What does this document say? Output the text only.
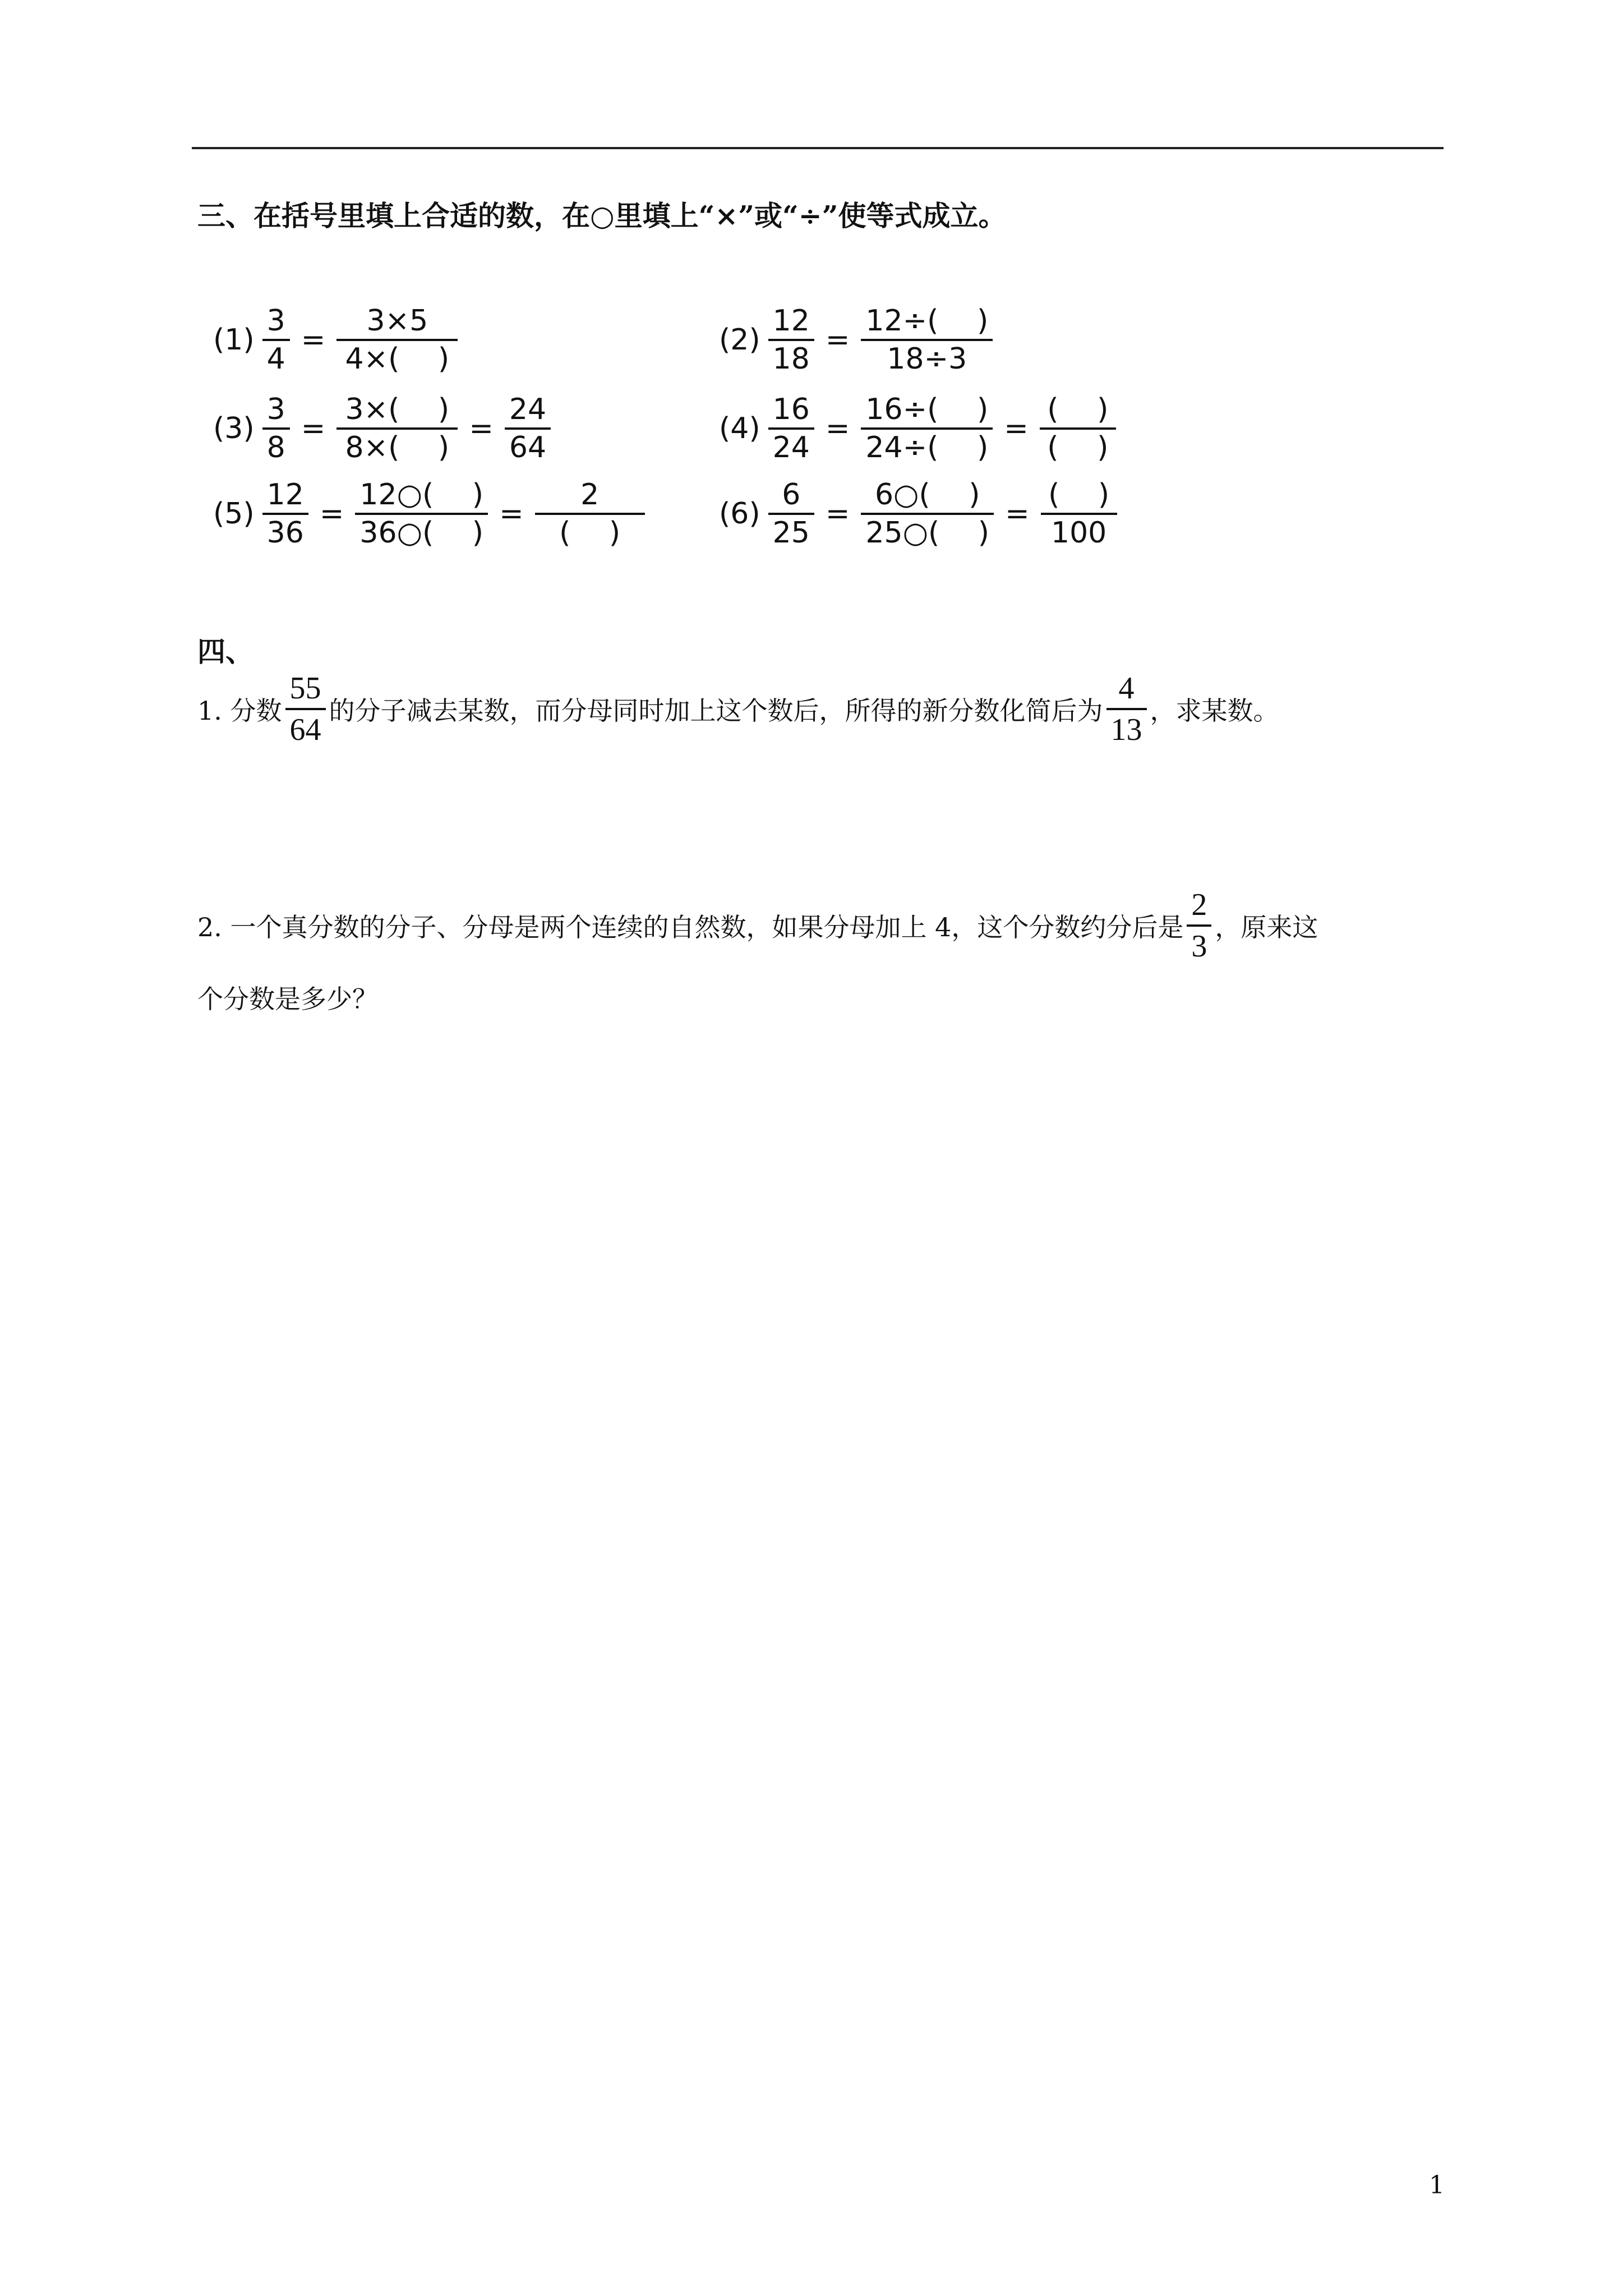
三、在括号里填上合适的数，在○里填上“×”或“÷”使等式成立。
$(1) \frac{3}{4} = \frac{3\times 5}{4\times( )}$	$(2) \frac{12}{18} = \frac{12\div( )}{18\div 3}$
$(3) \frac{3}{8} = \frac{3\times( )}{8\times( )} = \frac{24}{64}$	$(4) \frac{16}{24} = \frac{16\div( )}{24\div( )} = \frac{( )}{( )}$
$(5) \frac{12}{36} = \frac{12○( )}{36○( )} = \frac{2}{( )}$	$(6) \frac{6}{25} = \frac{6○( )}{25○( )} = \frac{( )}{100}$
四、
1. 分数 $\frac{55}{64}$ 的分子减去某数，而分母同时加上这个数后，所得的新分数化简后为 $\frac{4}{13}$ ，求某数。
2. 一个真分数的分子、分母是两个连续的自然数，如果分母加上 4，这个分数约分后是 $\frac{2}{3}$ ，原来这
个分数是多少？
1
